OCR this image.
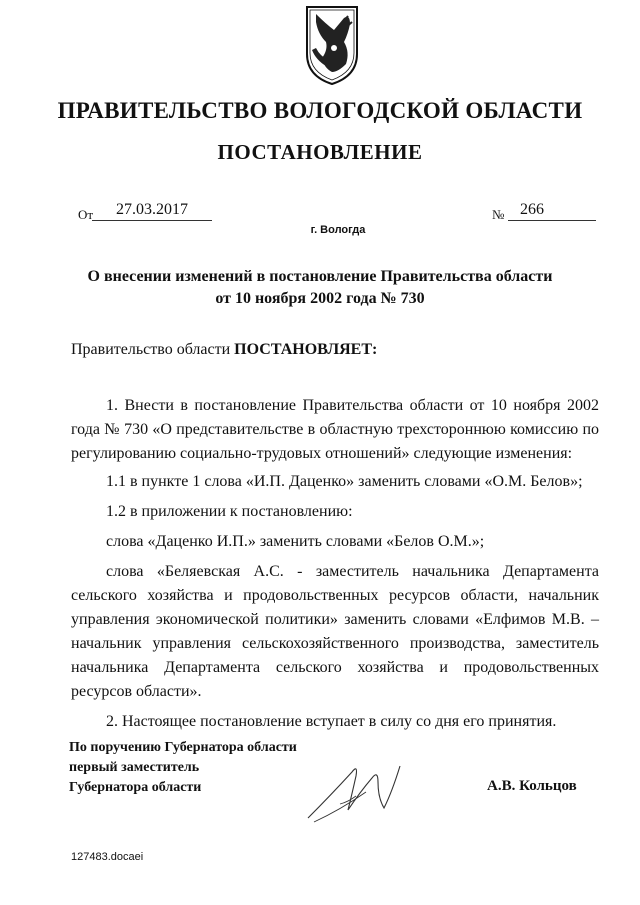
ПРАВИТЕЛЬСТВО ВОЛОГОДСКОЙ ОБЛАСТИ
ПОСТАНОВЛЕНИЕ
От	27.03.2017	№ 266
г. Вологда
О внесении изменений в постановление Правительства области
от 10 ноября 2002 года № 730
Правительство области ПОСТАНОВЛЯЕТ:

1. Внести в постановление Правительства области от 10 ноября 2002 года № 730 «О представительстве в областную трехстороннюю комиссию по регулированию социально-трудовых отношений» следующие изменения:

1.1 в пункте 1 слова «И.П. Даценко» заменить словами «О.М. Белов»;

1.2 в приложении к постановлению:

слова «Даценко И.П.» заменить словами «Белов О.М.»;

слова «Беляевская А.С. - заместитель начальника Департамента сельского хозяйства и продовольственных ресурсов области, начальник управления экономической политики» заменить словами «Елфимов М.В. – начальник управления сельскохозяйственного производства, заместитель начальника Департамента сельского хозяйства и продовольственных ресурсов области».

2. Настоящее постановление вступает в силу со дня его принятия.

По поручению Губернатора области
первый заместитель
Губернатора области	А.В. Кольцов
127483.docaei
